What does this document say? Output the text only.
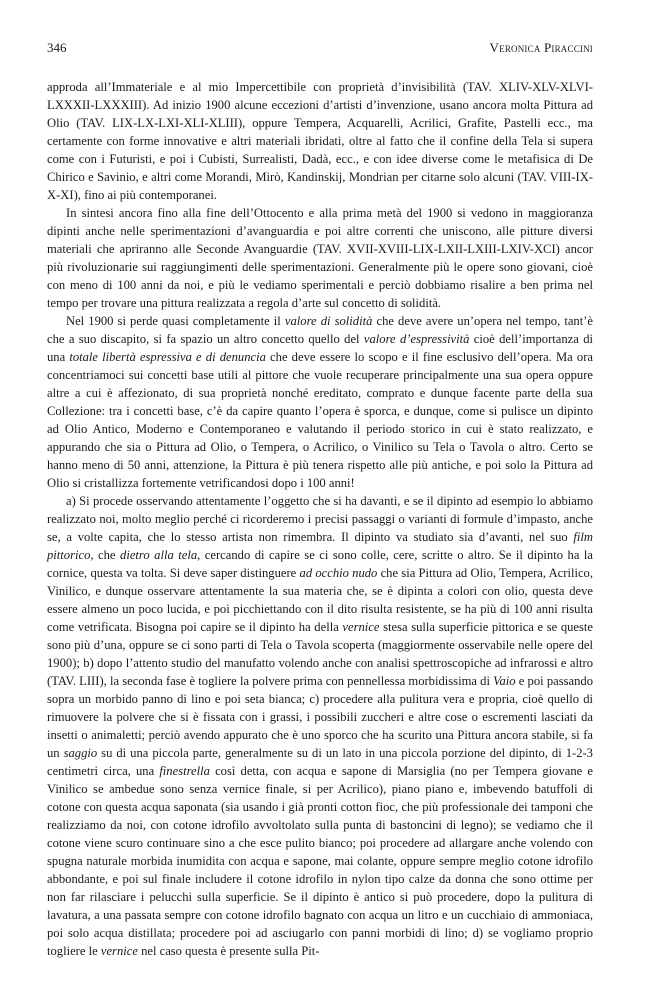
346	Veronica Piraccini

approda all’Immateriale e al mio Impercettibile con proprietà d’invisibilità (TAV. XLIV-XLV-XLVI-LXXXII-LXXXIII). Ad inizio 1900 alcune eccezioni d’artisti d’invenzione, usano ancora molta Pittura ad Olio (TAV. LIX-LX-LXI-XLI-XLIII), oppure Tempera, Acquarelli, Acrilici, Grafite, Pastelli ecc., ma certamente con forme innovative e altri materiali ibridati, oltre al fatto che il confine della Tela si supera come con i Futuristi, e poi i Cubisti, Surrealisti, Dadà, ecc., e con idee diverse come le metafisica di De Chirico e Savinio, e altri come Morandi, Mirò, Kandinskij, Mondrian per citarne solo alcuni (TAV. VIII-IX-X-XI), fino ai più contemporanei.

In sintesi ancora fino alla fine dell’Ottocento e alla prima metà del 1900 si vedono in maggioranza dipinti anche nelle sperimentazioni d’avanguardia e poi altre correnti che uniscono, alle pitture diversi materiali che apriranno alle Seconde Avanguardie (TAV. XVII-XVIII-LIX-LXII-LXIII-LXIV-XCI) ancor più rivoluzionarie sui raggiungimenti delle sperimentazioni. Generalmente più le opere sono giovani, cioè con meno di 100 anni da noi, e più le vediamo sperimentali e perciò dobbiamo risalire a ben prima nel tempo per trovare una pittura realizzata a regola d’arte sul concetto di solidità.

Nel 1900 si perde quasi completamente il valore di solidità che deve avere un’opera nel tempo, tant’è che a suo discapito, si fa spazio un altro concetto quello del valore d’espressività cioè dell’importanza di una totale libertà espressiva e di denuncia che deve essere lo scopo e il fine esclusivo dell’opera. Ma ora concentriamoci sui concetti base utili al pittore che vuole recuperare principalmente una sua opera oppure altre a cui è affezionato, di sua proprietà nonché ereditato, comprato e dunque facente parte della sua Collezione: tra i concetti base, c’è da capire quanto l’opera è sporca, e dunque, come si pulisce un dipinto ad Olio Antico, Moderno e Contemporaneo e valutando il periodo storico in cui è stato realizzato, e appurando che sia o Pittura ad Olio, o Tempera, o Acrilico, o Vinilico su Tela o Tavola o altro. Certo se hanno meno di 50 anni, attenzione, la Pittura è più tenera rispetto alle più antiche, e poi solo la Pittura ad Olio si cristallizza fortemente vetrificandosi dopo i 100 anni!

a) Si procede osservando attentamente l’oggetto che si ha davanti, e se il dipinto ad esempio lo abbiamo realizzato noi, molto meglio perché ci ricorderemo i precisi passaggi o varianti di formule d’impasto, anche se, a volte capita, che lo stesso artista non rimembra. Il dipinto va studiato sia d’avanti, nel suo film pittorico, che dietro alla tela, cercando di capire se ci sono colle, cere, scritte o altro. Se il dipinto ha la cornice, questa va tolta. Si deve saper distinguere ad occhio nudo che sia Pittura ad Olio, Tempera, Acrilico, Vinilico, e dunque osservare attentamente la sua materia che, se è dipinta a colori con olio, questa deve essere almeno un poco lucida, e poi picchiettando con il dito risulta resistente, se ha più di 100 anni risulta come vetrificata. Bisogna poi capire se il dipinto ha della vernice stesa sulla superficie pittorica e se queste sono più d’una, oppure se ci sono parti di Tela o Tavola scoperta (maggiormente osservabile nelle opere del 1900); b) dopo l’attento studio del manufatto volendo anche con analisi spettroscopiche ad infrarossi e altro (TAV. LIII), la seconda fase è togliere la polvere prima con pennellessa morbidissima di Vaio e poi passando sopra un morbido panno di lino e poi seta bianca; c) procedere alla pulitura vera e propria, cioè quello di rimuovere la polvere che si è fissata con i grassi, i possibili zuccheri e altre cose o escrementi lasciati da insetti o animaletti; perciò avendo appurato che è uno sporco che ha scurito una Pittura ancora stabile, si fa un saggio su di una piccola parte, generalmente su di un lato in una piccola porzione del dipinto, di 1-2-3 centimetri circa, una finestrella così detta, con acqua e sapone di Marsiglia (no per Tempera giovane e Vinilico se ambedue sono senza vernice finale, si per Acrilico), piano piano e, imbevendo batuffoli di cotone con questa acqua saponata (sia usando i già pronti cotton fioc, che più professionale dei tamponi che realizziamo da noi, con cotone idrofilo avvoltolato sulla punta di bastoncini di legno); se vediamo che il cotone viene scuro continuare sino a che esce pulito bianco; poi procedere ad allargare anche volendo con spugna naturale morbida inumidita con acqua e sapone, mai colante, oppure sempre meglio cotone idrofilo abbondante, e poi sul finale includere il cotone idrofilo in nylon tipo calze da donna che sono ottime per non far rilasciare i pelucchi sulla superficie. Se il dipinto è antico si può procedere, dopo la pulitura di lavatura, a una passata sempre con cotone idrofilo bagnato con acqua un litro e un cucchiaio di ammoniaca, poi solo acqua distillata; procedere poi ad asciugarlo con panni morbidi di lino; d) se vogliamo proprio togliere le vernice nel caso questa è presente sulla Pit-
